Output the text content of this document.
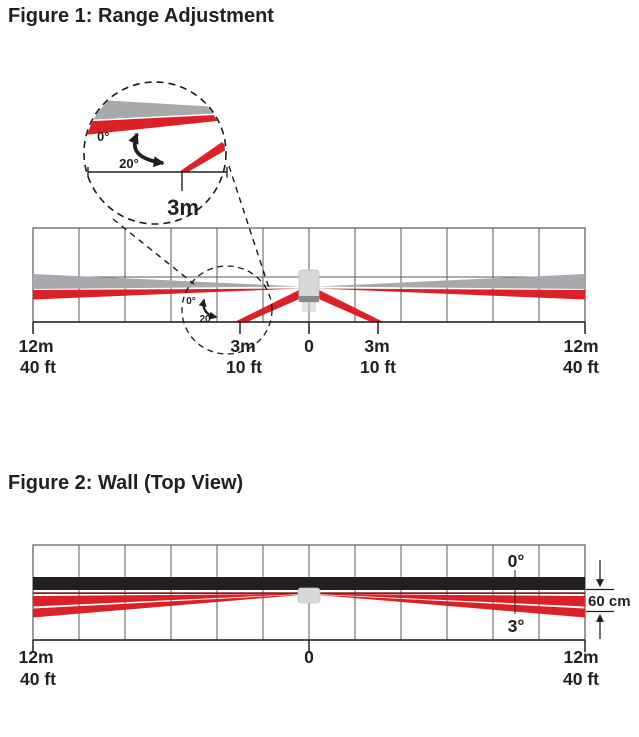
Figure 1: Range Adjustment
12m
40 ft
3m
10 ft
0	3m
10 ft
12m
40 ft
0°
20°
0°
20°
3m
Figure 2: Wall (Top View)
0°
3°
60 cm
12m
40 ft
0	12m
40 ft
